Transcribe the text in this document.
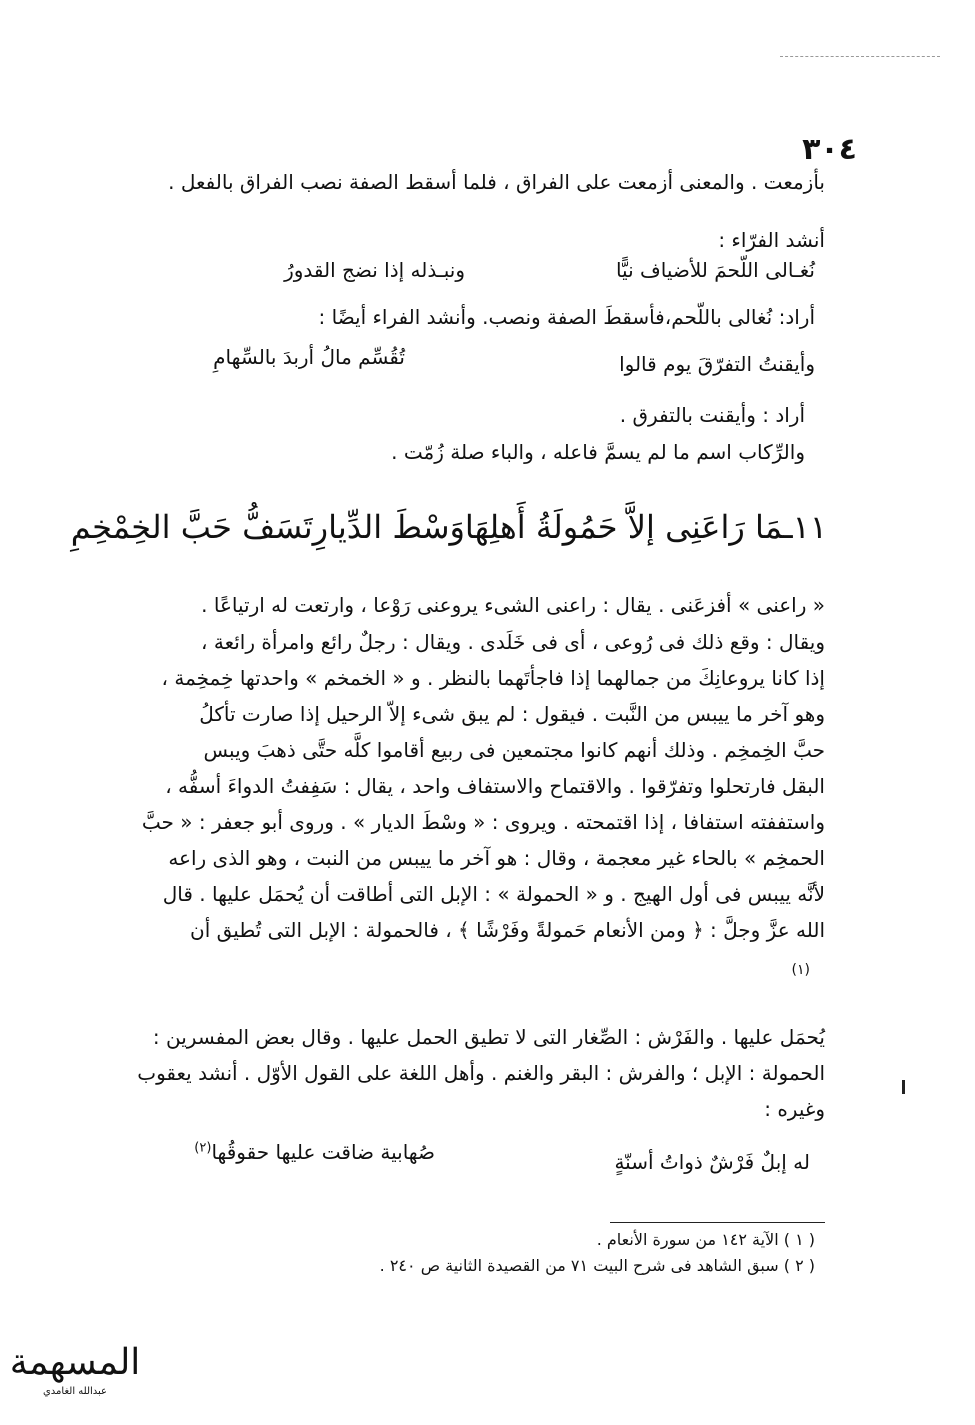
٣٠٤
بأزمعت . والمعنى أزمعت على الفراق ، فلما أسقط الصفة نصب الفراق بالفعل .
أنشد الفرّاء :
نُغـالى اللّحمَ للأضياف نيًّا
ونبـذله إذا نضج القدورُ
أراد: نُغالى باللّحم،فأسقطَ الصفة ونصب. وأنشد الفراء أيضًا :
وأيقنتُ التفرّقَ يوم قالوا
تُقُسِّم مالُ أربدَ بالسِّهامِ
أراد : وأيقنت بالتفرق .
والرِّكاب اسم ما لم يسمَّ فاعله ، والباء صلة زُمّت .
١١ـمَا رَاعَنِى إلاَّ حَمُولَةُ أَهلِهَا
وَسْطَ الدِّيارِتَسَفُّ حَبَّ الخِمْخِمِ
« راعنى » أفزعَنى . يقال : راعنى الشىء يروعنى رَوْعا ، وارتعت له ارتياعًا .
ويقال : وقع ذلك فى رُوعى ، أى فى خَلَدى . ويقال : رجلٌ رائع وامرأة رائعة ،
إذا كانا يروعانِكَ من جمالهما إذا فاجأتَهما بالنظر . و « الخمخم » واحدتها خِمخِمة ،
وهو آخر ما ييبس من النَّبت . فيقول : لم يبق شىء إلاّ الرحيل إذا صارت تأكلُ
حبَّ الخِمخِم . وذلك أنهم كانوا مجتمعين فى ربيع أقاموا كلَّه حتَّى ذهبَ ويبس
البقل فارتحلوا وتفرّقوا . والاقتماح والاستفاف واحد ، يقال : سَفِفتُ الدواءَ أسفُّه ،
واستففته استفافا ، إذا اقتمحته . ويروى : « وسْطَ الديار » . وروى أبو جعفر : « حبَّ
الحمخِم » بالحاء غير معجمة ، وقال : هو آخر ما ييبس من النبت ، وهو الذى راعه
لأنَّه ييبس فى أول الهيج . و « الحمولة » : الإبل التى أطاقت أن يُحمَل عليها . قال
الله عزَّ وجلَّ : ﴿ ومن الأنعام حَمولةً وفَرْشًا ﴾ ، فالحمولة : الإبل التى تُطيق أن
يُحمَل عليها . والفَرْش : الصِّغار التى لا تطيق الحمل عليها . وقال بعض المفسرين :
الحمولة : الإبل ؛ والفرش : البقر والغنم . وأهل اللغة على القول الأوّل . أنشد يعقوب
وغيره :
(١)
له إبلٌ فَرْشٌ ذواتُ أسنّةٍ
صُهابية ضاقت عليها حقوقُها$^{(٢)}$
( ١ ) الآية ١٤٢ من سورة الأنعام .
( ٢ ) سبق الشاهد فى شرح البيت ٧١ من القصيدة الثانية ص ٢٤٠ .
المسهمة
عبدالله الغامدي
